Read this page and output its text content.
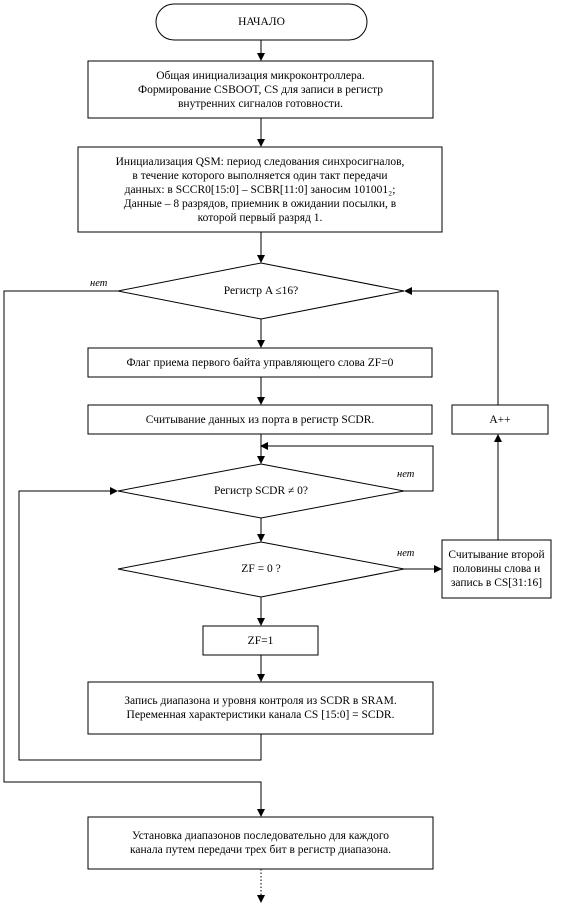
НАЧАЛО
Общая инициализация микроконтроллера.
Формирование CSBOOT, CS для записи в регистр
внутренних сигналов готовности.
Инициализация QSM: период следования синхросигналов,
в течение которого выполняется один такт передачи
данных: в SCCR0[15:0] – SCBR[11:0] заносим 101001₂;
Данные – 8 разрядов, приемник в ожидании посылки, в
которой первый разряд 1.
Регистр A ≤16?
Флаг приема первого байта управляющего слова ZF=0
Считывание данных из порта в регистр SCDR.	A++
Регистр SCDR ≠ 0?
ZF = 0 ?
Считывание второй
половины слова и
запись в CS[31:16]
ZF=1
Запись диапазона и уровня контроля из SCDR в SRAM.
Переменная характеристики канала CS [15:0] = SCDR.
Установка диапазонов последовательно для каждого
канала путем передачи трех бит в регистр диапазона.
нет
нет
нет
